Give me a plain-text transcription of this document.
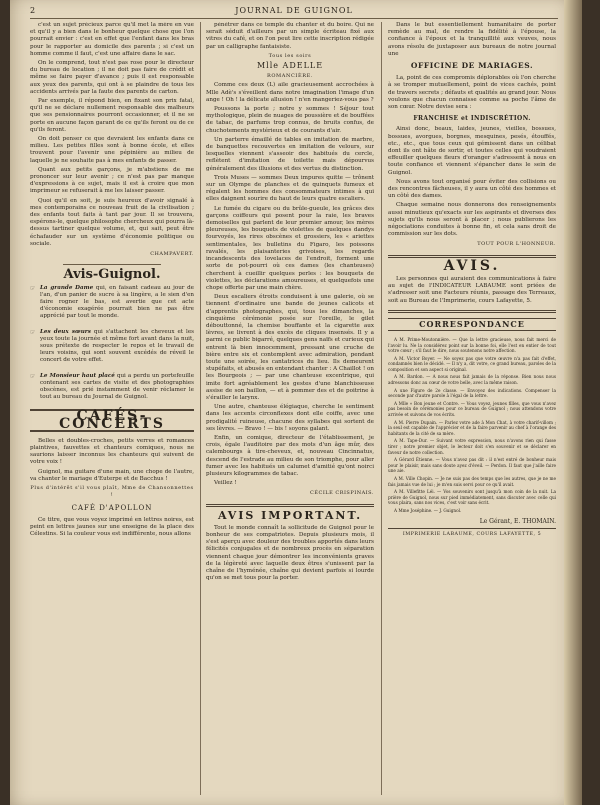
2	JOURNAL DE GUIGNOL

c'est un sujet précieux parce qu'il met la mère en vue et qu'il y a bien dans le bonheur quelque chose que l'on pourrait envier : c'est en effet que l'enfant dans les bras pour le rapporter au domicile des parents ; si c'est un homme comme il faut, c'est une affaire dans le sac.

On le comprend, tout n'est pas rose pour le directeur du bureau de location ; il ne doit pas faire de crédit et même se faire payer d'avance ; puis il est responsable aux yeux des parents, qui ont à se plaindre de tous les accidents arrivés par la faute des parents de carton.

Par exemple, il répond bien, en fixant son prix fatal, qu'il ne se déclare nullement responsable des malheurs que ses pensionnaires pourront occasionner, et il ne se porte en aucune façon garant de ce qu'ils feront ou de ce qu'ils feront.

On doit penser ce que devraient les enfants dans ce milieu. Les petites filles sont à bonne école, et elles trouvent pour l'avenir une pépinière au milieu de laquelle je ne souhaite pas à mes enfants de passer.

Quant aux petits garçons, je m'abstiens de me prononcer sur leur avenir ; ce n'est pas par manque d'expressions à ce sujet, mais il est à croire que mon imprimeur se refuserait à me les laisser passer.

Quoi qu'il en soit, je suis heureux d'avoir signalé à mes contemporains ce nouveau fruit de la civilisation ; des enfants tout faits à tant par jour. Il se trouvera, espérons-le, quelque philosophe chercheux qui pourra là-dessus tartiner quelque volume, et, qui sait, peut être échafauder sur un système d'économie politique ou sociale.

CHAMPAVERT.
Avis-Guignol.
☞ La grande Dame qui, en faisant cadeau au jour de l'an, d'un panier de sucre à sa lingère, a le sien d'en faire rogner le bas, est avertie que cet acte d'économie exagérée pourrait bien ne pas être apprécié par tout le monde.
☞ Les deux sœurs qui s'attachent les cheveux et les yeux toute la journée et même fort avant dans la nuit, sous prétexte de respecter le repos et le travail de leurs voisins, qui sont souvent excédés de réveil le concert de votre effet.
☞ Le Monsieur haut placé qui a perdu un portefeuille contenant ses cartes de visite et des photographies obscènes, est prié instamment de venir réclamer le tout au bureau du Journal de Guignol.
CAFÉS-CONCERTS

Belles et doubles-croches, petits verres et romances plaintives, fauvettes et chanteurs comiques, nous ne saurions laisser inconnus les chanteurs qui suivent de votre voix !

Guignol, ma guitare d'une main, une chope de l'autre, va chanter le mariage d'Euterpe et de Bacchus !

Plus d'intérêt s'il vous plaît, Mme de Chansonnettes !
CAFÉ D'APOLLON

Ce titre, que vous voyez imprimé en lettres noires, est peint en lettres jaunes sur une enseigne de la place des Célestins. Si la couleur vous est indifférente, nous allons

pénétrer dans ce temple du chanter et du boire. Qui ne serait séduit d'ailleurs par un simple écriteau fixé aux vitres du café, et on l'on peut lire cette inscription rédigée par un calligraphe fantaisiste.

Tous les soirs
Mlle ADELLE
ROMANCIÈRE.

Comme ces deux (L) aile gracieusement accrochées à Mlle Adè's s'éveillent dans notre imagination l'image d'un ange ! Oh ! la délicate allusion ! n'en mangeriez-vous pas ?

Poussons la porte ; notre y sommes ! Séjour tout mythologique, plein de nuages de poussière et de bouffées de tabac, de parfums trop connus, de bruits confus, de chuchotements mystérieux et de courants d'air.

Un parterre émaillé de tables en imitation de marbre, de banquettes recouvertes en imitation de velours, sur lesquelles viennent s'asseoir des habitués du cercle, reflètent d'imitation de toilette mais dépourvus généralement des illusions et des vertus du distinction.

Trois Muses — sommes Deux impures quitte — trônent sur un Olympe de planches et de quinquets fumeux et régalent les hommes des consommateurs intimes à qui elles daignent sourire du haut de leurs quatre escaliers.

Le fumée du cigare ou du brûle-gueule, les grâces des garçons coiffeurs qui posent pour la raie, les braves demoiselles qui parlent de leur premier amour, les mères pleureuses, les bouquets de violettes de quelques dandys fourvoyés, les rires obscènes et grossiers, les « ariettes sentimentales, les bulletins du Figaro, les poissons ravalés, les plaisanteries grivoises, les regards incandescents des lovelaces de l'endroit, forment une sorte de pot-pourri où ces dames (les chanteuses) cherchent à cueillir quelques perles : les bouquets de violettes, les déclarations amoureuses, et quelquefois une chope offerte par une main chère.

Deux escaliers étroits conduisent à une galerie, où se tiennent d'ordinaire une bande de jeunes calicots et d'apprentis photographes, qui, tous les dimanches, la cinquième cérémonie posée sur l'oreille, le gilet débouttonné, la chemise bouffante et la cigarette aux lèvres, se livrent à des excès de cliques insensés. Il y a parmi ce public bigarré, quelques gens naïfs et curieux qui entrent là bien innocemment, pressant une cruche de bière entre six et contemplent avec admiration, pendant toute une soirée, les cantatrices du lieu. Ils demeurent stupéfaits, et abusés en entendant chanter : A Chaillot ! on les Bourgeois ; — par une chanteuse excentrique, qui imite fort agréablement les gestes d'une blanchisseuse assise de son baillon, — et à pommer des et de poitrine à s'érailler le larynx.

Une autre, chanteuse élégiaque, cherche le sentiment dans les accents circonflexes dont elle coiffe, avec une prodigalité ruineuse, chacune des syllabes qui sortent de ses lèvres. — Bravo ! — bis ! soyons galant.

Enfin, un comique, directeur de l'établissement, je crois, égale l'auditoire par des mots d'un âge mûr, des calembourgs à tire-cheveux, et, nouveau Cincinnatus, descend de l'estrade au milieu de son triomphe, pour aller fumer avec les habitués un calumet d'amitié qu'ont noirci plusieurs kilogrammes de tabac.

Veillez !

CÉCILE CRISPINAIS.
AVIS IMPORTANT.

Tout le monde connaît la sollicitude de Guignol pour le bonheur de ses compatriotes. Depuis plusieurs mois, il s'est aperçu avec douleur des troubles apportés dans leurs félicités conjugales et de nombreux procès en séparation viennent chaque jour démontrer les inconvénients graves de la légèreté avec laquelle deux êtres s'unissent par la chaîne de l'hyménée, chaîne qui devient parfois si lourde qu'on se met tous pour la porter.

Dans le but essentiellement humanitaire de porter remède au mal, de rendre la fidélité à l'épouse, la confiance à l'époux et la tranquillité aux veuves, nous avons résolu de juxtaposer aux bureaux de notre journal une

OFFICINE DE MARIAGES.

La, point de ces compromis déplorables où l'on cherche à se tromper mutuellement, point de vices cachés, point de travers secrets ; défauts et qualités au grand jour. Nous voulons que chacun connaisse comme sa poche l'âme de son cœur. Notre devise sera :

FRANCHISE et INDISCRÉTION.

Ainsi donc, beaux, laides, jeunes, vieilles, bossues, bossues, avorgues, borgnes, mesquines, pesés, étouffés, etc., etc., que tous ceux qui gémissent dans un célibat dont ils ont hâte de sortir, et toutes celles qui voudraient effeuiller quelques fleurs d'oranger s'adressent à nous en toute confiance et viennent s'épancher dans le sein de Guignol.

Nous avons tout organisé pour éviter des collisions ou des rencontres fâcheuses, il y aura un côté des hommes et un côté des dames.

Chaque semaine nous donnerons des renseignements aussi minutieux qu'exacts sur les aspirants et diverses des sujets qu'ils nous seront à placer ; nous publierons les négociations conduites à bonne fin, et cela sans droit de commission sur les dots.

TOUT POUR L'HONNEUR.
AVIS.

Les personnes qui auraient des communications à faire au sujet de l'INDICATEUR LABAUME sont priées de s'adresser soit une Facteurs réunis, passage des Terreaux, soit au Bureau de l'Imprimerie, cours Lafayette, 5.

CORRESPONDANCE

A M. Prime-Moutonnière. — Que la lettre gracieuse, nous fait merci de l'avoir lu. Ne la considérez point sur la bonne foi, elle l'est en entier de tout votre cœur ; s'il faut le dire, nous soutenons notre affection.

A M. Victor Boyer. — Ne soyez pas que votre œuvre n'a pas fait d'effet, condamnés bien le décidé. — Il n'y a, dit votre, ce grand bureau, paroles de la composition et son aspect si original.

A M. Bardon. — A nous nous fait jamais de la réponse. Bien nous nous adressons donc au cœur de votre belle, avec la même raison.

A une Figure de 2e classe. — Envoyez des indications. Compenser la seconde par d'autre parole à l'égal de la lettre.

A Mlle « Bon jeune et Contre. — Vous voyez, jeunes filles, que vous n'avez pas besoin de cérémonies pour ce bureau de Guignol ; nous attendons votre arrivée et suivons de vos écrits.

A M. Pierre Dupain. — Parlez votre ade à Mon Chat, à votre charif-villom ; la seul est capable de l'apprécier et de la faire parvenir au chef à l'orange des habitants de la cité de sa mère.

A M. Tape-Dur. — Suivant votre expression, nous n'avons rien qui fasse tirer ; notre premier objet, le lecteur doit s'en souvenir et se déclarer en faveur de notre collection.

A Gérard Étienne. — Vous n'avez pas dit : il n'est entré de bonheur mais pour le plaisir, mais sans doute ayez d'éveil. — Perdon. Il faut que j'aille faire une aie.

A M. Ville Chopin. — Je ne suis pas des temps que les autres, que je ne me fais jamais vue de lui ; je m'en suis servi pour ce qu'il avait.

A M. Villefitte Léi. — Vos souvenirs sont jusqu'à mon coin de la nuit. La prière de Guignol, nous sur pied immédiatement, sans discuter avec celle qui vous plaira, sans nos vices, c'est voir sans écrit.

A Mme Joséphine. — J. Guignol.

Le Gérant, E. THOMAIN.
IMPRIMERIE LABAUME, COURS LAFAYETTE, 5
